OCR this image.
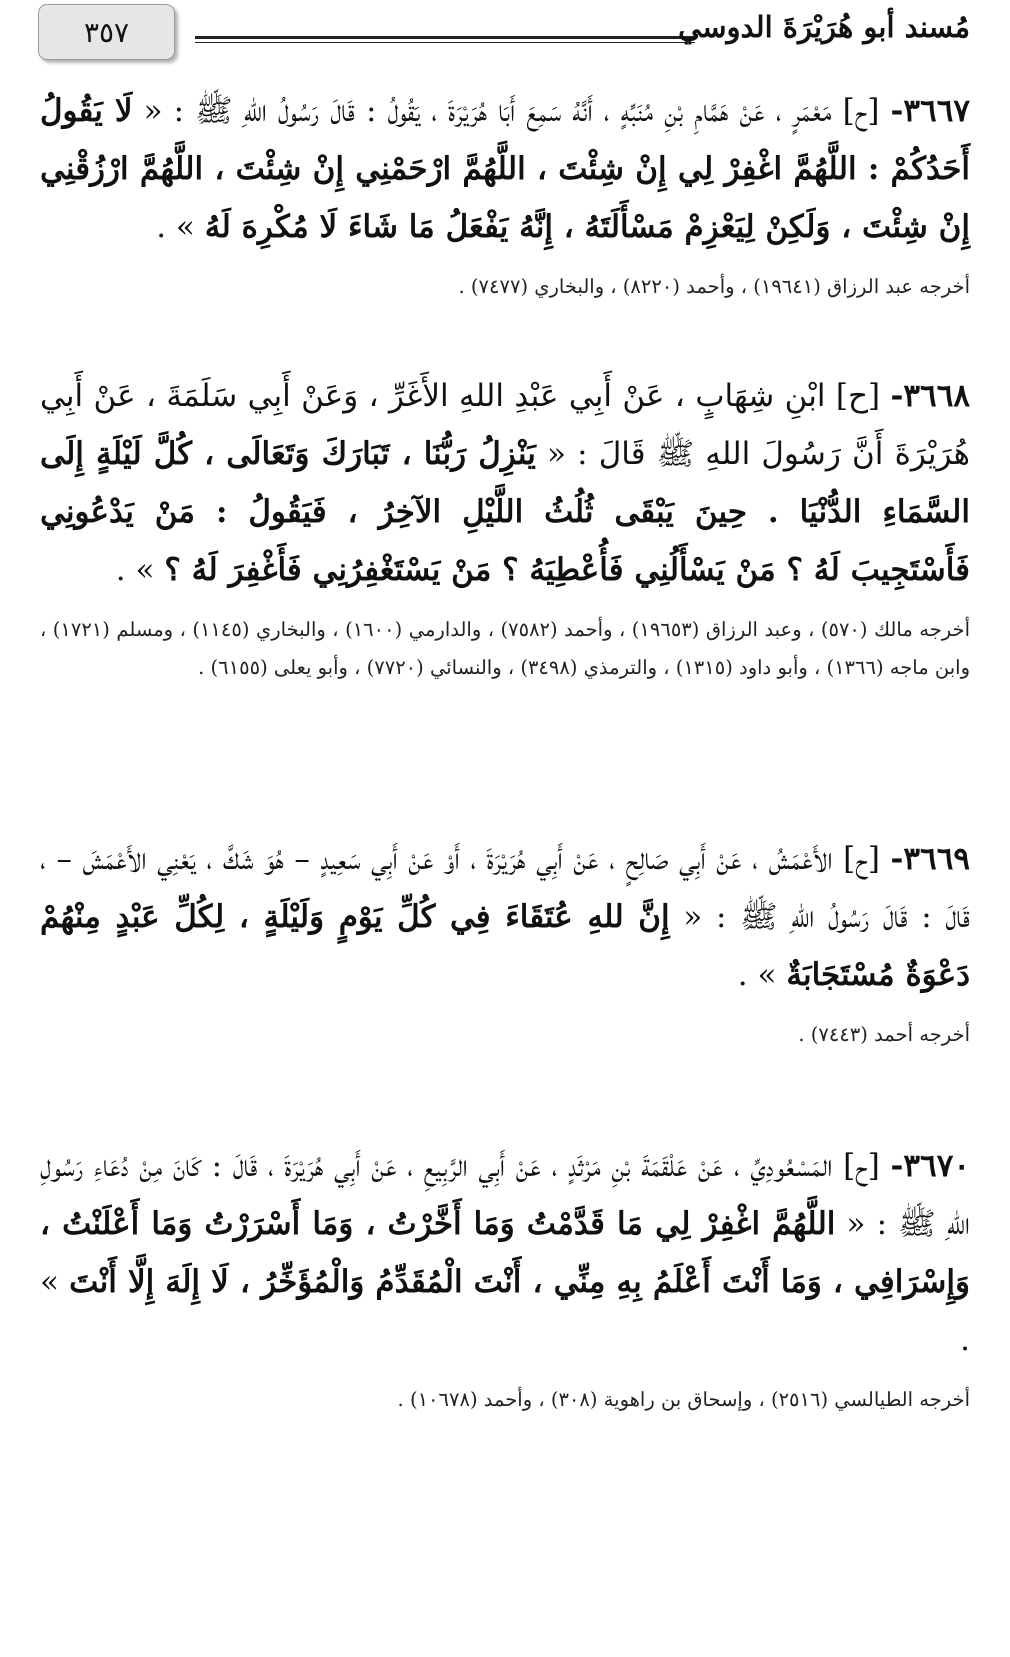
٣٥٧	مُسند أبو هُرَيْرَةَ الدوسي

٣٦٦٧- [ح] مَعْمَرٍ ، عَنْ هَمَّامِ بْنِ مُنَبِّهٍ ، أَنَّهُ سَمِعَ أَبَا هُرَيْرَةَ ، يَقُولُ : قَالَ رَسُولُ اللهِ ﷺ : « لَا يَقُولُ أَحَدُكُمْ : اللَّهُمَّ اغْفِرْ لِي إِنْ شِئْتَ ، اللَّهُمَّ ارْحَمْنِي إِنْ شِئْتَ ، اللَّهُمَّ ارْزُقْنِي إِنْ شِئْتَ ، وَلَكِنْ لِيَعْزِمْ مَسْأَلَتَهُ ، إِنَّهُ يَفْعَلُ مَا شَاءَ لَا مُكْرِهَ لَهُ » .

أخرجه عبد الرزاق (١٩٦٤١) ، وأحمد (٨٢٢٠) ، والبخاري (٧٤٧٧) .

٣٦٦٨- [ح] ابْنِ شِهَابٍ ، عَنْ أَبِي عَبْدِ اللهِ الأَغَرِّ ، وَعَنْ أَبِي سَلَمَةَ ، عَنْ أَبِي هُرَيْرَةَ أَنَّ رَسُولَ اللهِ ﷺ قَالَ : « يَنْزِلُ رَبُّنَا ، تَبَارَكَ وَتَعَالَى ، كُلَّ لَيْلَةٍ إِلَى السَّمَاءِ الدُّنْيَا . حِينَ يَبْقَى ثُلُثُ اللَّيْلِ الآخِرُ ، فَيَقُولُ : مَنْ يَدْعُونِي فَأَسْتَجِيبَ لَهُ ؟ مَنْ يَسْأَلُنِي فَأُعْطِيَهُ ؟ مَنْ يَسْتَغْفِرُنِي فَأَغْفِرَ لَهُ ؟ » .

أخرجه مالك (٥٧٠) ، وعبد الرزاق (١٩٦٥٣) ، وأحمد (٧٥٨٢) ، والدارمي (١٦٠٠) ، والبخاري (١١٤٥) ، ومسلم (١٧٢١) ، وابن ماجه (١٣٦٦) ، وأبو داود (١٣١٥) ، والترمذي (٣٤٩٨) ، والنسائي (٧٧٢٠) ، وأبو يعلى (٦١٥٥) .

٣٦٦٩- [ح] الأَعْمَشُ ، عَنْ أَبِي صَالِحٍ ، عَنْ أَبِي هُرَيْرَةَ ، أَوْ عَنْ أَبِي سَعِيدٍ – هُوَ شَكَّ ، يَعْنِي الأَعْمَشَ – ، قَالَ : قَالَ رَسُولُ اللهِ ﷺ : « إِنَّ للهِ عُتَقَاءَ فِي كُلِّ يَوْمٍ وَلَيْلَةٍ ، لِكُلِّ عَبْدٍ مِنْهُمْ دَعْوَةٌ مُسْتَجَابَةٌ » .

أخرجه أحمد (٧٤٤٣) .

٣٦٧٠- [ح] المَسْعُودِيِّ ، عَنْ عَلْقَمَةَ بْنِ مَرْثَدٍ ، عَنْ أَبِي الرَّبِيعِ ، عَنْ أَبِي هُرَيْرَةَ ، قَالَ : كَانَ مِنْ دُعَاءِ رَسُولِ اللهِ ﷺ : « اللَّهُمَّ اغْفِرْ لِي مَا قَدَّمْتُ وَمَا أَخَّرْتُ ، وَمَا أَسْرَرْتُ وَمَا أَعْلَنْتُ ، وَإِسْرَافِي ، وَمَا أَنْتَ أَعْلَمُ بِهِ مِنِّي ، أَنْتَ الْمُقَدِّمُ وَالْمُؤَخِّرُ ، لَا إِلَهَ إِلَّا أَنْتَ » .

أخرجه الطيالسي (٢٥١٦) ، وإسحاق بن راهوية (٣٠٨) ، وأحمد (١٠٦٧٨) .
